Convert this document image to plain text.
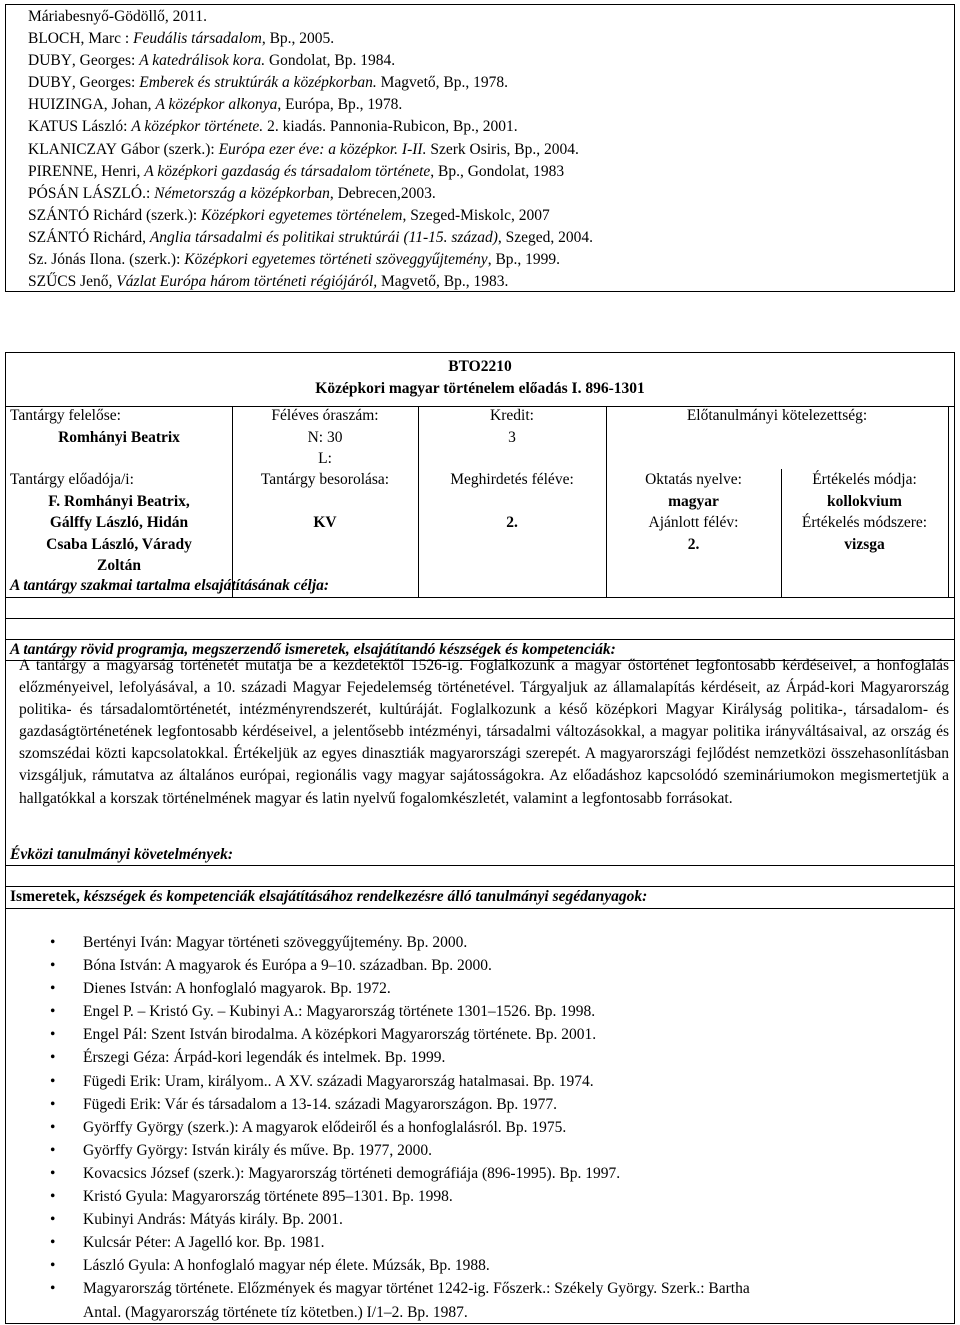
Máriabesnyő-Gödöllő, 2011.
BLOCH, Marc : Feudális társadalom, Bp., 2005.
DUBY, Georges: A katedrálisok kora. Gondolat, Bp. 1984.
DUBY, Georges: Emberek és struktúrák a középkorban. Magvető, Bp., 1978.
HUIZINGA, Johan, A középkor alkonya, Európa, Bp., 1978.
KATUS László: A középkor története. 2. kiadás. Pannonia-Rubicon, Bp., 2001.
KLANICZAY Gábor (szerk.): Európa ezer éve: a középkor. I-II. Szerk Osiris, Bp., 2004.
PIRENNE, Henri, A középkori gazdaság és társadalom története, Bp., Gondolat, 1983
PÓSÁN LÁSZLÓ.: Németország a középkorban, Debrecen,2003.
SZÁNTÓ Richárd (szerk.): Középkori egyetemes történelem, Szeged-Miskolc, 2007
SZÁNTÓ Richárd, Anglia társadalmi és politikai struktúrái (11-15. század), Szeged, 2004.
Sz. Jónás Ilona. (szerk.): Középkori egyetemes történeti szöveggyűjtemény, Bp., 1999.
SZŰCS Jenő, Vázlat Európa három történeti régiójáról, Magvető, Bp., 1983.
BTO2210
Középkori magyar történelem előadás I. 896-1301
Tantárgy felelőse:
Romhányi Beatrix
Féléves óraszám:
N: 30
L:
Kredit:
3
Előtanulmányi kötelezettség:
Tantárgy előadója/i:
F. Romhányi Beatrix,
Gálffy László, Hidán
Csaba László, Várady
Zoltán
Tantárgy besorolása:
KV
Meghirdetés féléve:
2.
Oktatás nyelve:
magyar
Ajánlott félév:
2.
Értékelés módja:
kollokvium
Értékelés módszere:
vizsga
A tantárgy szakmai tartalma elsajátításának célja:
A tantárgy rövid programja, megszerzendő ismeretek, elsajátítandó készségek és kompetenciák:
Évközi tanulmányi követelmények:
Ismeretek, készségek és kompetenciák elsajátításához rendelkezésre álló tanulmányi segédanyagok:
A tantárgy a magyarság történetét mutatja be a kezdetektől 1526-ig. Foglalkozunk a magyar őstörténet legfontosabb kérdéseivel, a honfoglalás előzményeivel, lefolyásával, a 10. századi Magyar Fejedelemség történetével. Tárgyaljuk az államalapítás kérdéseit, az Árpád-kori Magyarország politika- és társadalomtörténetét, intézményrendszerét, kultúráját. Foglalkozunk a késő középkori Magyar Királyság politika-, társadalom- és gazdaságtörténetének legfontosabb kérdéseivel, a jelentősebb intézményi, társadalmi változásokkal, a magyar politika irányváltásaival, az ország és szomszédai közti kapcsolatokkal. Értékeljük az egyes dinasztiák magyarországi szerepét. A magyarországi fejlődést nemzetközi összehasonlításban vizsgáljuk, rámutatva az általános európai, regionális vagy magyar sajátosságokra. Az előadáshoz kapcsolódó szemináriumokon megismertetjük a hallgatókkal a korszak történelmének magyar és latin nyelvű fogalomkészletét, valamint a legfontosabb forrásokat.
• Bertényi Iván: Magyar történeti szöveggyűjtemény. Bp. 2000.
• Bóna István: A magyarok és Európa a 9–10. században. Bp. 2000.
• Dienes István: A honfoglaló magyarok. Bp. 1972.
• Engel P. – Kristó Gy. – Kubinyi A.: Magyarország története 1301–1526. Bp. 1998.
• Engel Pál: Szent István birodalma. A középkori Magyarország története. Bp. 2001.
• Érszegi Géza: Árpád-kori legendák és intelmek. Bp. 1999.
• Fügedi Erik: Uram, királyom.. A XV. századi Magyarország hatalmasai. Bp. 1974.
• Fügedi Erik: Vár és társadalom a 13-14. századi Magyarországon. Bp. 1977.
• Györffy György (szerk.): A magyarok elődeiről és a honfoglalásról. Bp. 1975.
• Györffy György: István király és műve. Bp. 1977, 2000.
• Kovacsics József (szerk.): Magyarország történeti demográfiája (896-1995). Bp. 1997.
• Kristó Gyula: Magyarország története 895–1301. Bp. 1998.
• Kubinyi András: Mátyás király. Bp. 2001.
• Kulcsár Péter: A Jagelló kor. Bp. 1981.
• László Gyula: A honfoglaló magyar nép élete. Múzsák, Bp. 1988.
• Magyarország története. Előzmények és magyar történet 1242-ig. Főszerk.: Székely György. Szerk.: Bartha
Antal. (Magyarország története tíz kötetben.) I/1–2. Bp. 1987.
